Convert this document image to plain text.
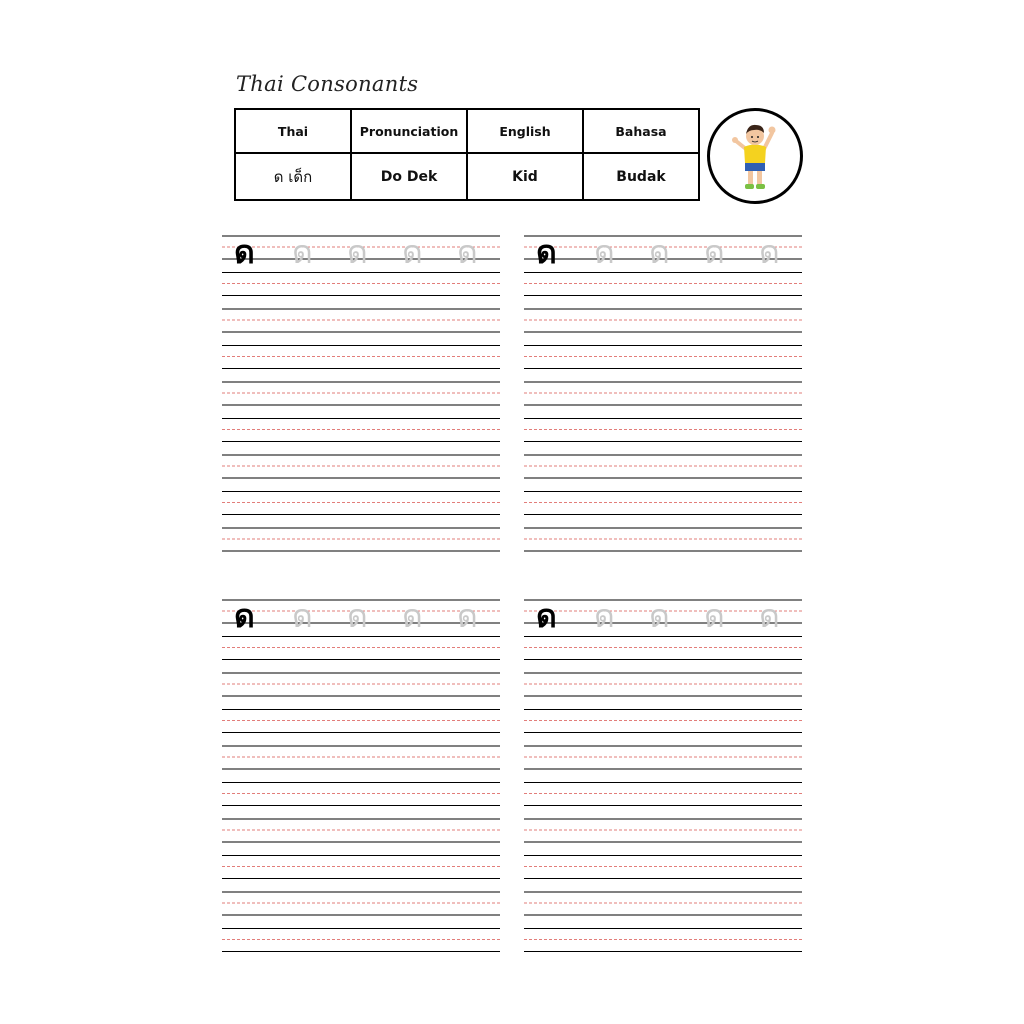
Thai Consonants
Thai	Pronunciation	English	Bahasa
ด เด็ก	Do Dek	Kid	Budak
ด ด ด ด ด ด ด ด ด ด
ด ด ด ด ด ด ด ด ด ด
